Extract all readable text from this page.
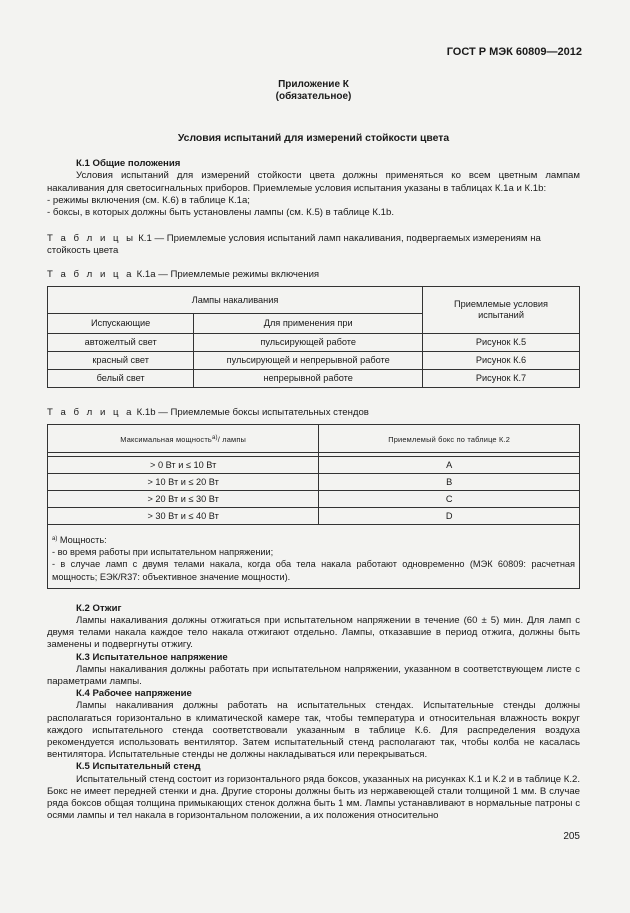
ГОСТ Р МЭК 60809—2012
Приложение К
(обязательное)
Условия испытаний для измерений стойкости цвета
К.1 Общие положения

Условия испытаний для измерений стойкости цвета должны применяться ко всем цветным лампам накаливания для светосигнальных приборов. Приемлемые условия испытания указаны в таблицах К.1a и К.1b:

- режимы включения (см. К.6) в таблице К.1а;
- боксы, в которых должны быть установлены лампы (см. К.5) в таблице К.1b.

Т а б л и ц ы К.1 — Приемлемые условия испытаний ламп накаливания, подвергаемых измерениям на стойкость цвета

Т а б л и ц а К.1a — Приемлемые режимы включения

Лампы накаливания		Приемлемые условия испытаний
Испускающие	Для применения при	
автожелтый свет	пульсирующей работе	Рисунок К.5
красный свет	пульсирующей и непрерывной работе	Рисунок К.6
белый свет	непрерывной работе	Рисунок К.7

Т а б л и ц а К.1b — Приемлемые боксы испытательных стендов

Максимальная мощность$^{а)}$/ лампы	Приемлемый бокс по таблице К.2

> 0 Вт и ≤ 10 Вт	A
> 10 Вт и ≤ 20 Вт	B
> 20 Вт и ≤ 30 Вт	C
> 30 Вт и ≤ 40 Вт	D

$^{а)}$ Мощность:
- во время работы при испытательном напряжении;
- в случае ламп с двумя телами накала, когда оба тела накала работают одновременно (МЭК 60809: расчетная мощность; ЕЭК/R37: объективное значение мощности).	
К.2 Отжиг

Лампы накаливания должны отжигаться при испытательном напряжении в течение (60 ± 5) мин. Для ламп с двумя телами накала каждое тело накала отжигают отдельно. Лампы, отказавшие в период отжига, должны быть заменены и подвергнуты отжигу.

К.3 Испытательное напряжение

Лампы накаливания должны работать при испытательном напряжении, указанном в соответствующем листе с параметрами лампы.

К.4 Рабочее напряжение

Лампы накаливания должны работать на испытательных стендах. Испытательные стенды должны располагаться горизонтально в климатической камере так, чтобы температура и относительная влажность вокруг каждого испытательного стенда соответствовали указанным в таблице К.6. Для распределения воздуха рекомендуется использовать вентилятор. Затем испытательный стенд располагают так, чтобы колба не касалась вентилятора. Испытательные стенды не должны накладываться или перекрываться.

К.5 Испытательный стенд

Испытательный стенд состоит из горизонтального ряда боксов, указанных на рисунках К.1 и К.2 и в таблице К.2. Бокс не имеет передней стенки и дна. Другие стороны должны быть из нержавеющей стали толщиной 1 мм. В случае ряда боксов общая толщина примыкающих стенок должна быть 1 мм. Лампы устанавливают в нормальные патроны с осями лампы и тел накала в горизонтальном положении, а их положения относительно

205
